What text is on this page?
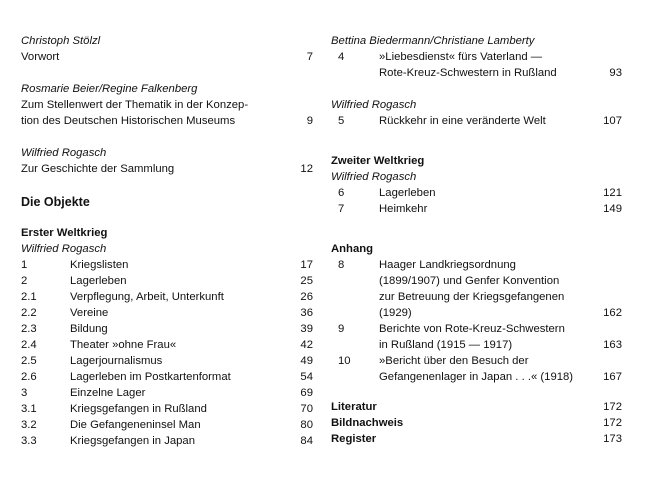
Christoph Stölzl
Vorwort	7
Rosmarie Beier/Regine Falkenberg
Zum Stellenwert der Thematik in der Konzep-
tion des Deutschen Historischen Museums	9
Wilfried Rogasch
Zur Geschichte der Sammlung	12
Die Objekte
Erster Weltkrieg
Wilfried Rogasch
1	Kriegslisten	17
2	Lagerleben	25
2.1	Verpflegung, Arbeit, Unterkunft	26
2.2	Vereine	36
2.3	Bildung	39
2.4	Theater »ohne Frau«	42
2.5	Lagerjournalismus	49
2.6	Lagerleben im Postkartenformat	54
3	Einzelne Lager	69
3.1	Kriegsgefangen in Rußland	70
3.2	Die Gefangeneninsel Man	80
3.3	Kriegsgefangen in Japan	84
Bettina Biedermann/Christiane Lamberty
4	»Liebesdienst« fürs Vaterland —
Rote-Kreuz-Schwestern in Rußland	93
Wilfried Rogasch
5	Rückkehr in eine veränderte Welt	107
Zweiter Weltkrieg
Wilfried Rogasch
6	Lagerleben	121
7	Heimkehr	149
Anhang
8	Haager Landkriegsordnung
(1899/1907) und Genfer Konvention
zur Betreuung der Kriegsgefangenen
(1929)	162
9	Berichte von Rote-Kreuz-Schwestern
in Rußland (1915 — 1917)	163
10	»Bericht über den Besuch der
Gefangenenlager in Japan . . .« (1918)	167
Literatur	172
Bildnachweis	172
Register	173
